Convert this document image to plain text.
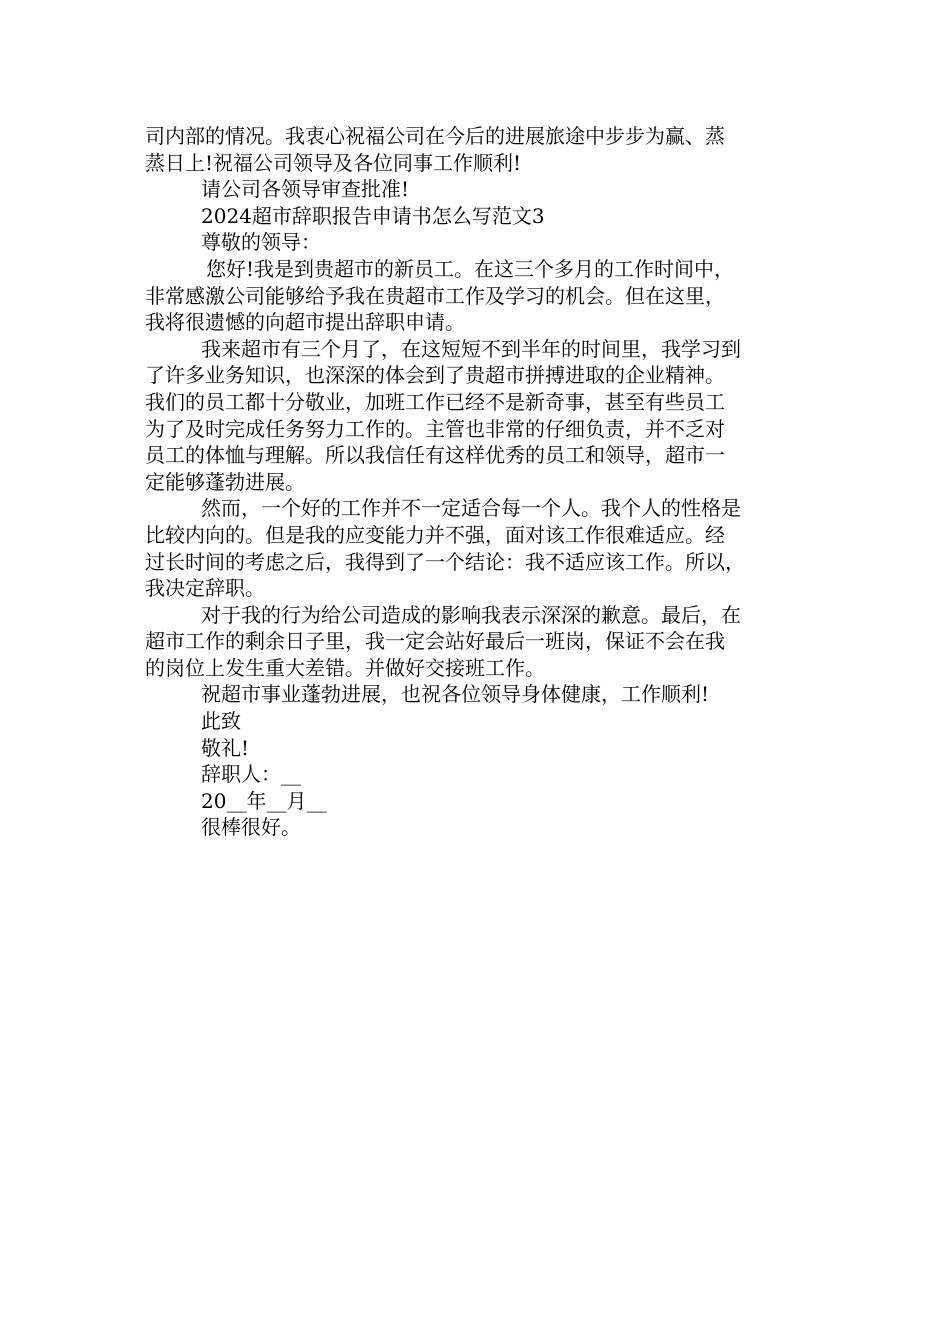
司内部的情况。我衷心祝福公司在今后的进展旅途中步步为赢、蒸
蒸日上!祝福公司领导及各位同事工作顺利!
请公司各领导审查批准!
2024超市辞职报告申请书怎么写范文3
尊敬的领导：
您好!我是到贵超市的新员工。在这三个多月的工作时间中，
非常感激公司能够给予我在贵超市工作及学习的机会。但在这里，
我将很遗憾的向超市提出辞职申请。
我来超市有三个月了，在这短短不到半年的时间里，我学习到
了许多业务知识，也深深的体会到了贵超市拼搏进取的企业精神。
我们的员工都十分敬业，加班工作已经不是新奇事，甚至有些员工
为了及时完成任务努力工作的。主管也非常的仔细负责，并不乏对
员工的体恤与理解。所以我信任有这样优秀的员工和领导，超市一
定能够蓬勃进展。
然而，一个好的工作并不一定适合每一个人。我个人的性格是
比较内向的。但是我的应变能力并不强，面对该工作很难适应。经
过长时间的考虑之后，我得到了一个结论：我不适应该工作。所以，
我决定辞职。
对于我的行为给公司造成的影响我表示深深的歉意。最后，在
超市工作的剩余日子里，我一定会站好最后一班岗，保证不会在我
的岗位上发生重大差错。并做好交接班工作。
祝超市事业蓬勃进展，也祝各位领导身体健康，工作顺利!
此致
敬礼!
辞职人：__
20__年__月__
很棒很好。
